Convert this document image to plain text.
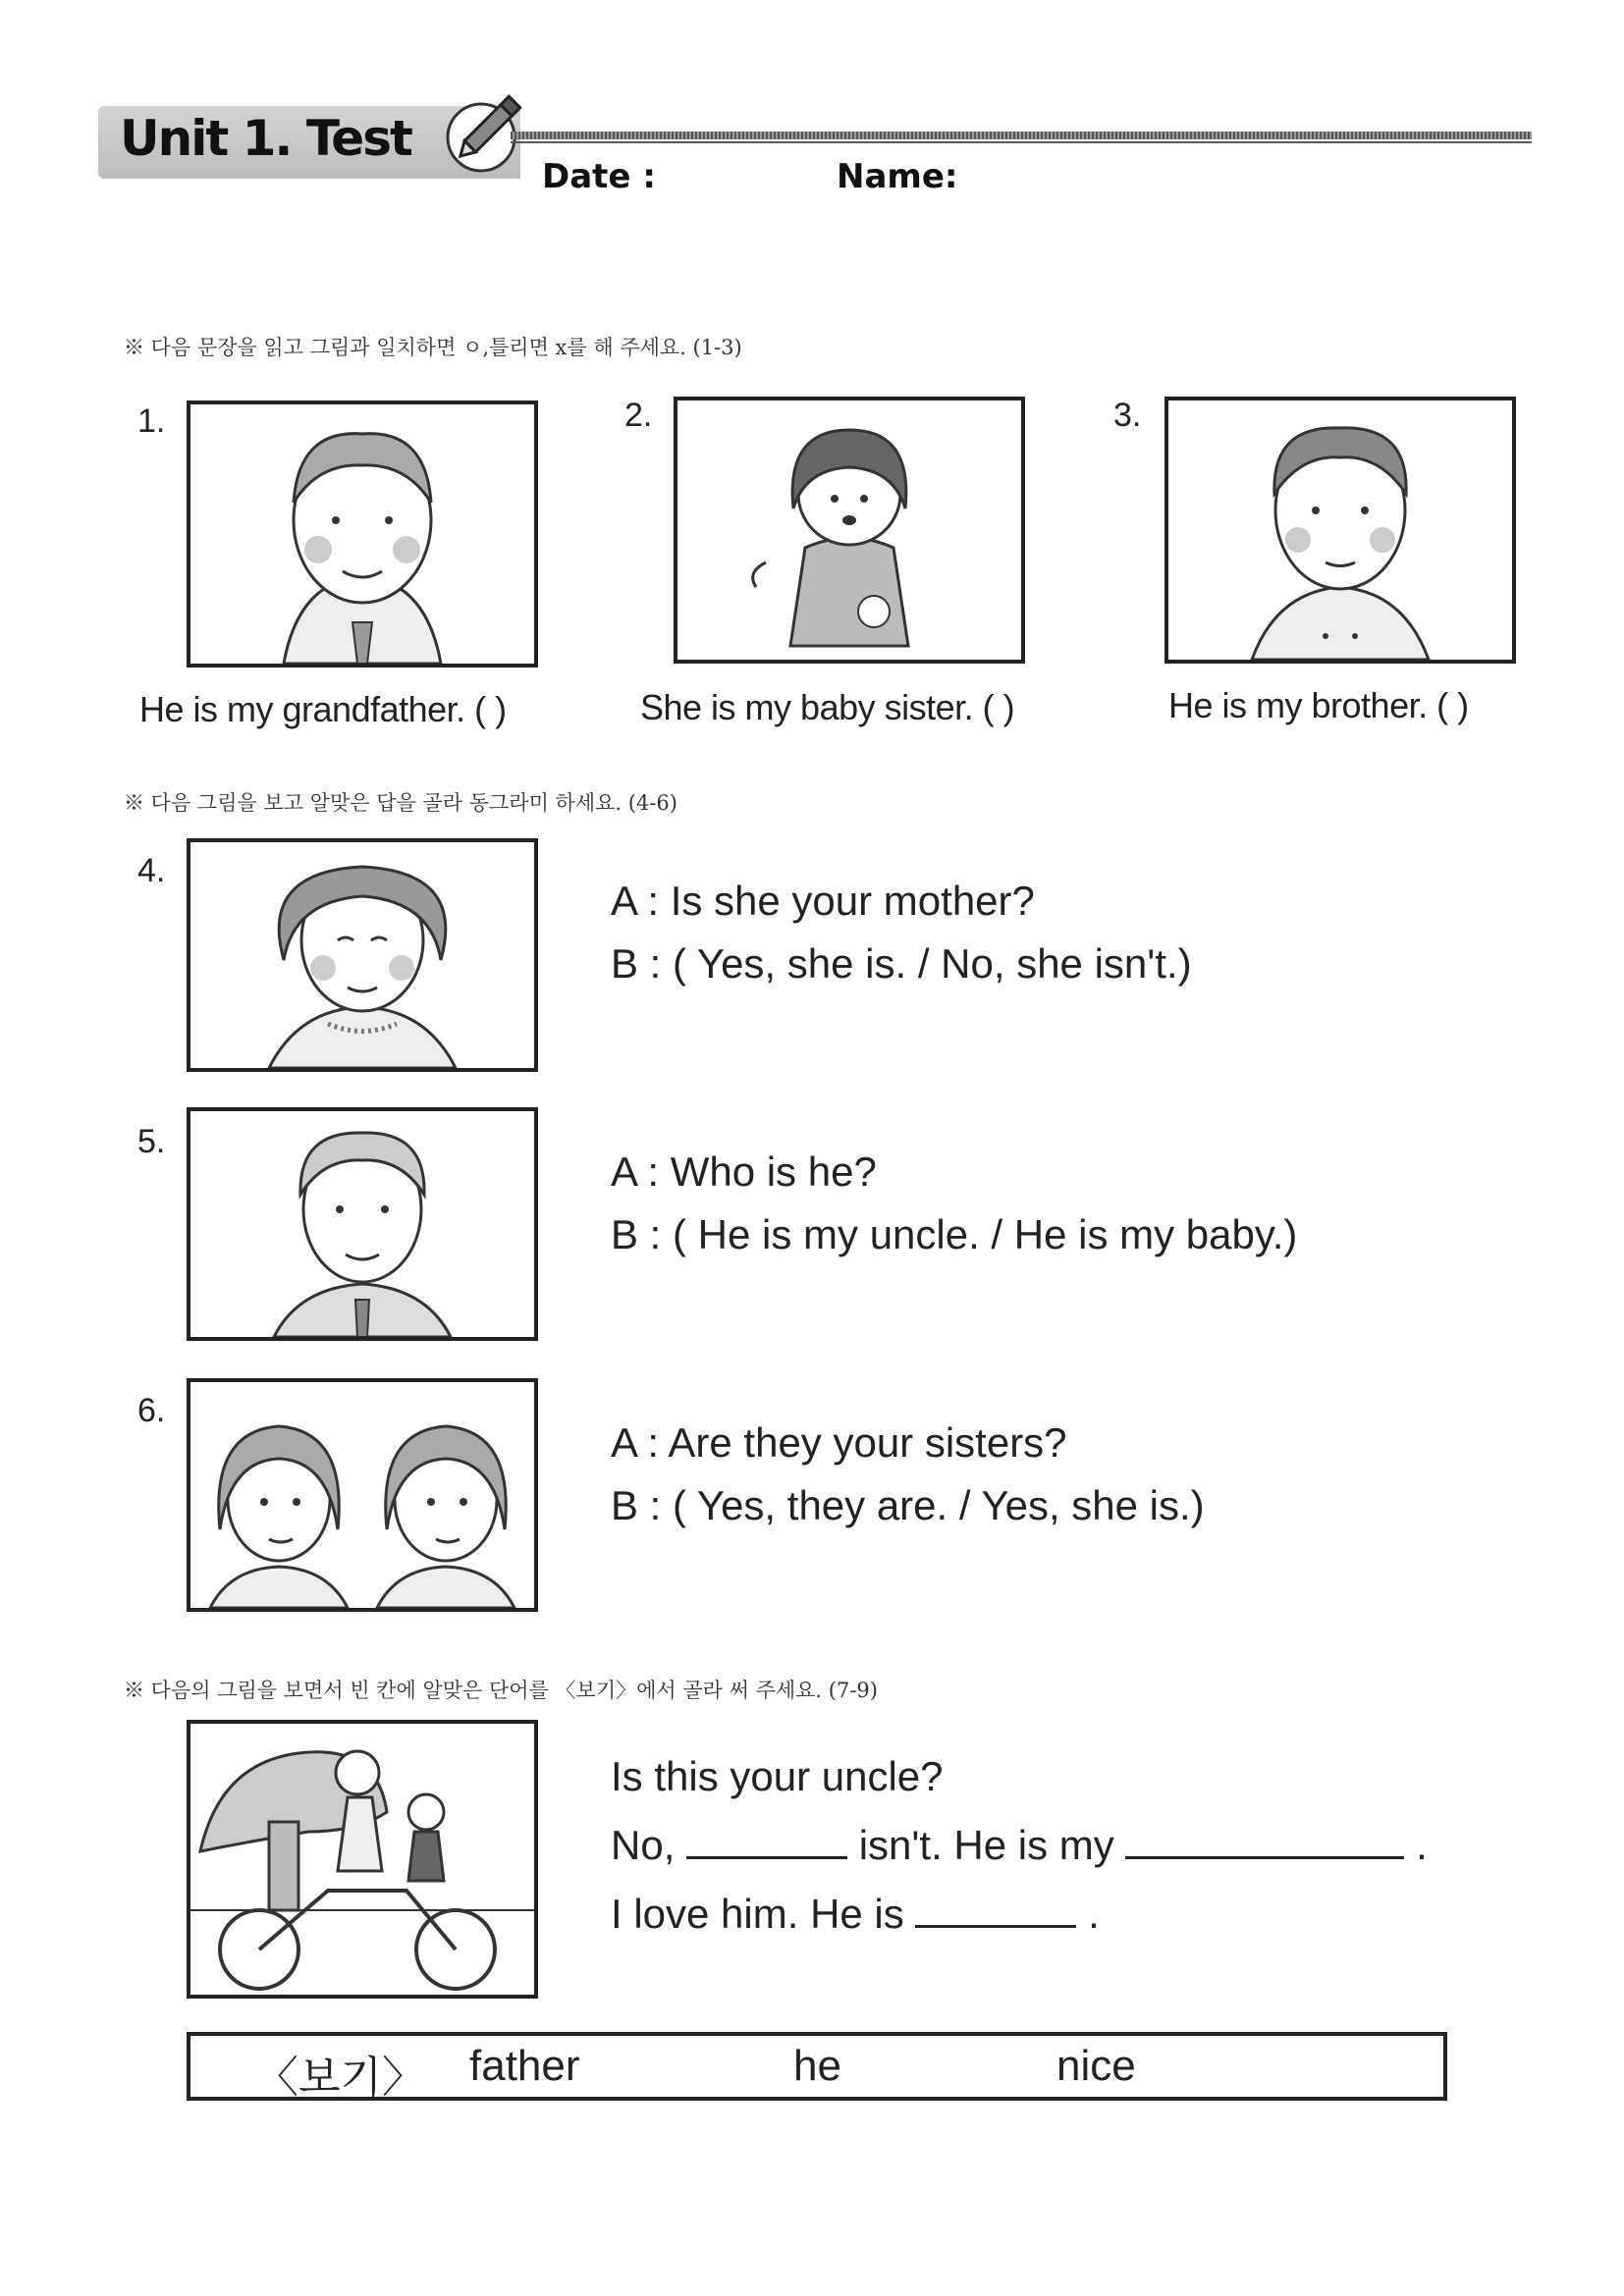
Unit 1. Test
Date :	Name:
※ 다음 문장을 읽고 그림과 일치하면 ㅇ,틀리면 x를 해 주세요. (1-3)
1.
He is my grandfather. ( )
2.
She is my baby sister. ( )
3.
He is my brother. ( )
※ 다음 그림을 보고 알맞은 답을 골라 동그라미 하세요. (4-6)
4.
A : Is she your mother?
B : ( Yes, she is. / No, she isn't.)
5.
A : Who is he?
B : ( He is my uncle. / He is my baby.)
6.
A : Are they your sisters?
B : ( Yes, they are. / Yes, she is.)
※ 다음의 그림을 보면서 빈 칸에 알맞은 단어를 〈보기〉에서 골라 써 주세요. (7-9)
Is this your uncle?
No,	isn't. He is my	.
I love him. He is	.
〈보기〉 father	he	nice
